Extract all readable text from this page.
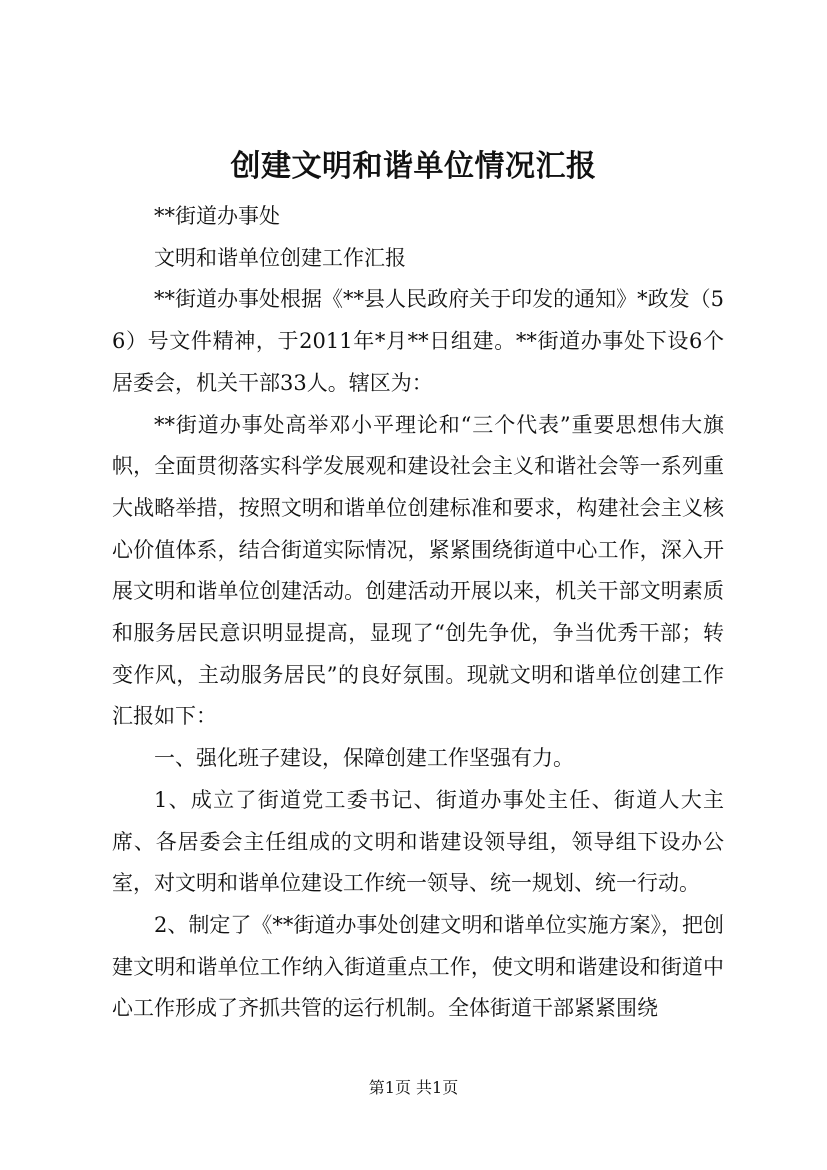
创建文明和谐单位情况汇报

**街道办事处

文明和谐单位创建工作汇报

**街道办事处根据《**县人民政府关于印发的通知》*政发（56）号文件精神，于2011年*月**日组建。**街道办事处下设6个居委会，机关干部33人。辖区为：

**街道办事处高举邓小平理论和“三个代表”重要思想伟大旗帜，全面贯彻落实科学发展观和建设社会主义和谐社会等一系列重大战略举措，按照文明和谐单位创建标准和要求，构建社会主义核心价值体系，结合街道实际情况，紧紧围绕街道中心工作，深入开展文明和谐单位创建活动。创建活动开展以来，机关干部文明素质和服务居民意识明显提高，显现了“创先争优，争当优秀干部；转变作风，主动服务居民”的良好氛围。现就文明和谐单位创建工作汇报如下：

一、强化班子建设，保障创建工作坚强有力。

1、成立了街道党工委书记、街道办事处主任、街道人大主席、各居委会主任组成的文明和谐建设领导组，领导组下设办公室，对文明和谐单位建设工作统一领导、统一规划、统一行动。

2、制定了《**街道办事处创建文明和谐单位实施方案》，把创建文明和谐单位工作纳入街道重点工作，使文明和谐建设和街道中心工作形成了齐抓共管的运行机制。全体街道干部紧紧围绕

第1页 共1页
